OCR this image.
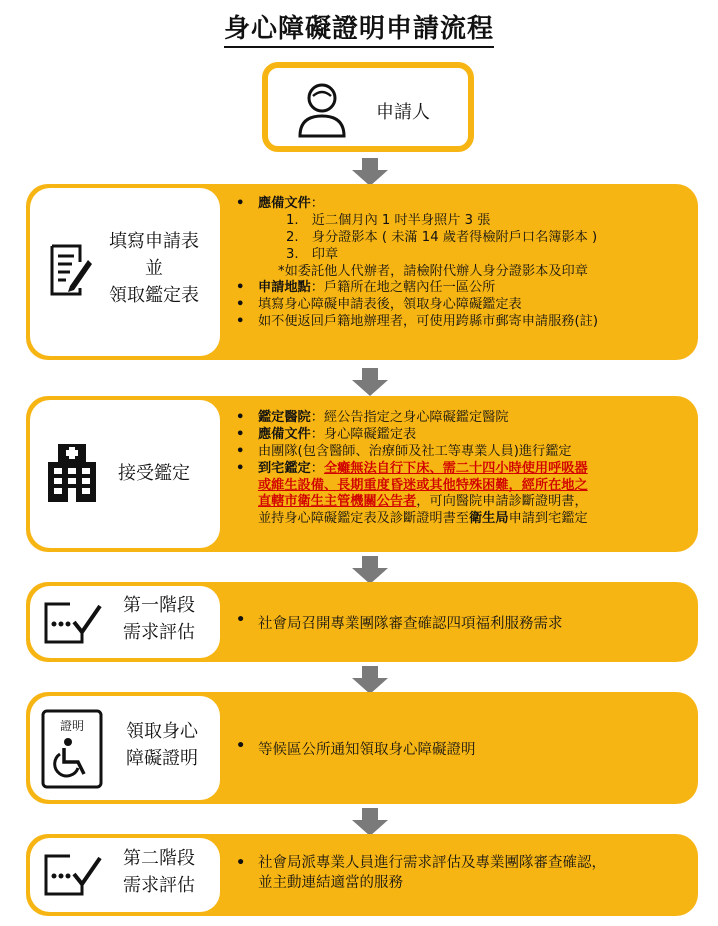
身心障礙證明申請流程
申請人
填寫申請表
並
領取鑑定表
• 應備文件：
1.　近二個月內 1 吋半身照片 3 張
2.　身分證影本 ( 未滿 14 歲者得檢附戶口名簿影本 )
3.　印章
*如委託他人代辦者，請檢附代辦人身分證影本及印章
• 申請地點：戶籍所在地之轄內任一區公所
• 填寫身心障礙申請表後，領取身心障礙鑑定表
• 如不便返回戶籍地辦理者，可使用跨縣市郵寄申請服務(註)
接受鑑定
• 鑑定醫院：經公告指定之身心障礙鑑定醫院
• 應備文件：身心障礙鑑定表
• 由團隊(包含醫師、治療師及社工等專業人員)進行鑑定
• 到宅鑑定：全癱無法自行下床、需二十四小時使用呼吸器
或維生設備、長期重度昏迷或其他特殊困難，經所在地之
直轄市衛生主管機關公告者，可向醫院申請診斷證明書，
並持身心障礙鑑定表及診斷證明書至衛生局申請到宅鑑定
第一階段
需求評估	• 社會局召開專業團隊審查確認四項福利服務需求
證明	領取身心
障礙證明	• 等候區公所通知領取身心障礙證明
第二階段
需求評估
• 社會局派專業人員進行需求評估及專業團隊審查確認，
並主動連結適當的服務
